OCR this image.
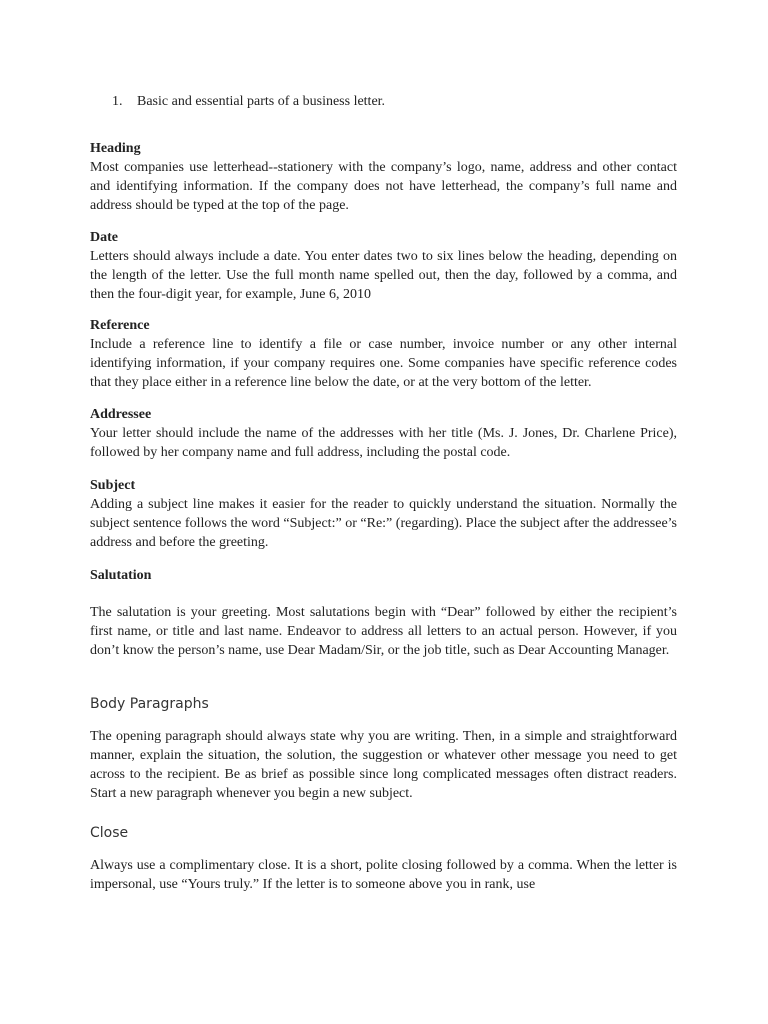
1. Basic and essential parts of a business letter.

Heading

Most companies use letterhead--stationery with the company’s logo, name, address and other contact and identifying information. If the company does not have letterhead, the company’s full name and address should be typed at the top of the page.

Date

Letters should always include a date. You enter dates two to six lines below the heading, depending on the length of the letter. Use the full month name spelled out, then the day, followed by a comma, and then the four-digit year, for example, June 6, 2010

Reference

Include a reference line to identify a file or case number, invoice number or any other internal identifying information, if your company requires one. Some companies have specific reference codes that they place either in a reference line below the date, or at the very bottom of the letter.

Addressee

Your letter should include the name of the addresses with her title (Ms. J. Jones, Dr. Charlene Price), followed by her company name and full address, including the postal code.

Subject

Adding a subject line makes it easier for the reader to quickly understand the situation. Normally the subject sentence follows the word “Subject:” or “Re:” (regarding). Place the subject after the addressee’s address and before the greeting.

Salutation

The salutation is your greeting. Most salutations begin with “Dear” followed by either the recipient’s first name, or title and last name. Endeavor to address all letters to an actual person. However, if you don’t know the person’s name, use Dear Madam/Sir, or the job title, such as Dear Accounting Manager.

Body Paragraphs

The opening paragraph should always state why you are writing. Then, in a simple and straightforward manner, explain the situation, the solution, the suggestion or whatever other message you need to get across to the recipient. Be as brief as possible since long complicated messages often distract readers. Start a new paragraph whenever you begin a new subject.

Close

Always use a complimentary close. It is a short, polite closing followed by a comma. When the letter is impersonal, use “Yours truly.” If the letter is to someone above you in rank, use
